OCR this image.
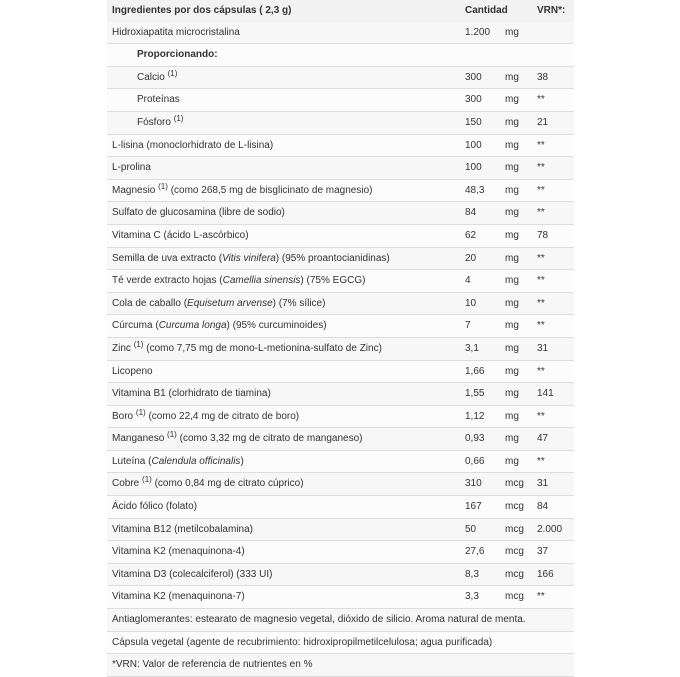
Ingredientes por dos cápsulas ( 2,3 g)	Cantidad		VRN*:
Hidroxiapatita microcristalina	1.200	mg	
Proporcionando:			
Calcio $^{(1)}$	300	mg	38
Proteínas	300	mg	**
Fósforo $^{(1)}$	150	mg	21
L-lisina (monoclorhidrato de L-lisina)	100	mg	**
L-prolina	100	mg	**
Magnesio $^{(1)}$ (como 268,5 mg de bisglicinato de magnesio)	48,3	mg	**
Sulfato de glucosamina (libre de sodio)	84	mg	**
Vitamina C (ácido L-ascórbico)	62	mg	78
Semilla de uva extracto (Vitis vinifera) (95% proantocianidinas)	20	mg	**
Té verde extracto hojas (Camellia sinensis) (75% EGCG)	4	mg	**
Cola de caballo (Equisetum arvense) (7% sílice)	10	mg	**
Cúrcuma (Curcuma longa) (95% curcuminoides)	7	mg	**
Zinc $^{(1)}$ (como 7,75 mg de mono-L-metionina-sulfato de Zinc)	3,1	mg	31
Licopeno	1,66	mg	**
Vitamina B1 (clorhidrato de tiamina)	1,55	mg	141
Boro $^{(1)}$ (como 22,4 mg de citrato de boro)	1,12	mg	**
Manganeso $^{(1)}$ (como 3,32 mg de citrato de manganeso)	0,93	mg	47
Luteína (Calendula officinalis)	0,66	mg	**
Cobre $^{(1)}$ (como 0,84 mg de citrato cúprico)	310	mcg	31
Ácido fólico (folato)	167	mcg	84
Vitamina B12 (metilcobalamina)	50	mcg	2.000
Vitamina K2 (menaquinona-4)	27,6	mcg	37
Vitamina D3 (colecalciferol) (333 UI)	8,3	mcg	166
Vitamina K2 (menaquinona-7)	3,3	mcg	**
Antiaglomerantes: estearato de magnesio vegetal, dióxido de silicio. Aroma natural de menta.			
Cápsula vegetal (agente de recubrimiento: hidroxipropilmetilcelulosa; agua purificada)			
*VRN: Valor de referencia de nutrientes en %			
